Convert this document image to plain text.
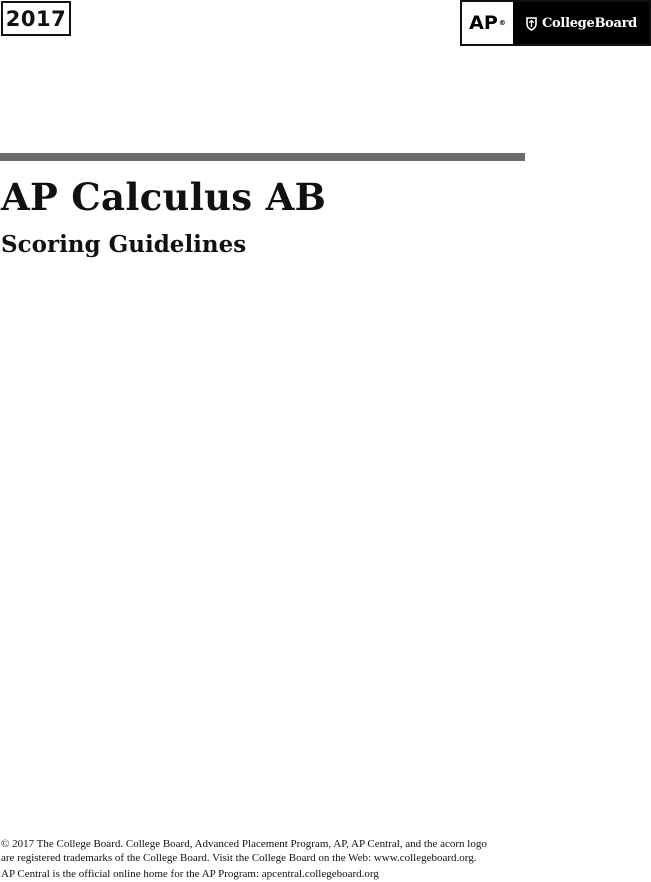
2017	AP ®	CollegeBoard
AP Calculus AB
Scoring Guidelines

© 2017 The College Board. College Board, Advanced Placement Program, AP, AP Central, and the acorn logo

are registered trademarks of the College Board. Visit the College Board on the Web: www.collegeboard.org.

AP Central is the official online home for the AP Program: apcentral.collegeboard.org
